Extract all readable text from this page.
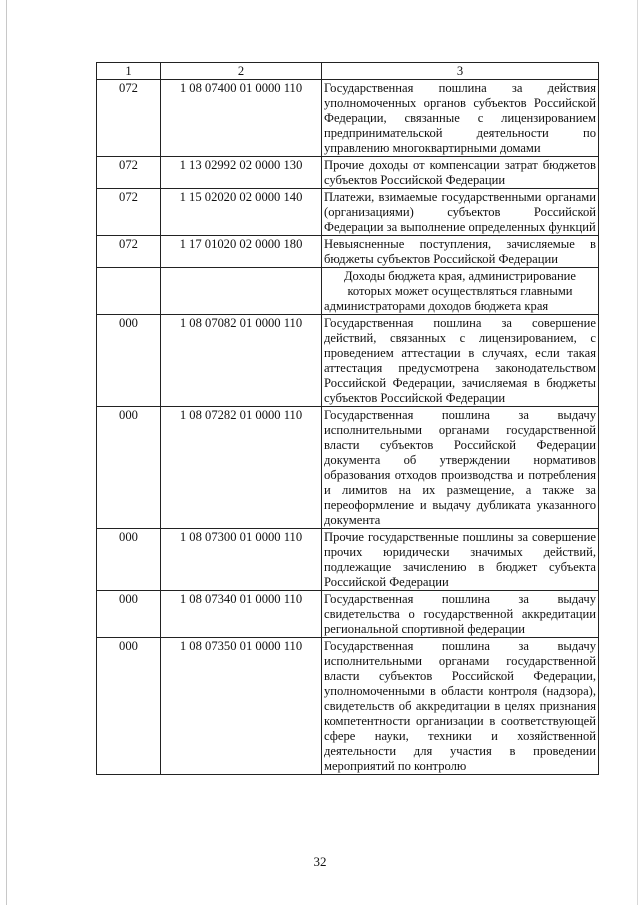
1	2	3
072	1 08 07400 01 0000 110	Государственная пошлина за действия уполномоченных органов субъектов Российской Федерации, связанные с лицензированием предпринимательской деятельности по управлению многоквартирными домами
072	1 13 02992 02 0000 130	Прочие доходы от компенсации затрат бюджетов субъектов Российской Федерации
072	1 15 02020 02 0000 140	Платежи, взимаемые государственными органами (организациями) субъектов Российской Федерации за выполнение определенных функций
072	1 17 01020 02 0000 180	Невыясненные поступления, зачисляемые в бюджеты субъектов Российской Федерации
		Доходы бюджета края, администрирование которых может осуществляться главными администраторами доходов бюджета края
000	1 08 07082 01 0000 110	Государственная пошлина за совершение действий, связанных с лицензированием, с проведением аттестации в случаях, если такая аттестация предусмотрена законодательством Российской Федерации, зачисляемая в бюджеты субъектов Российской Федерации
000	1 08 07282 01 0000 110	Государственная пошлина за выдачу исполнительными органами государственной власти субъектов Российской Федерации документа об утверждении нормативов образования отходов производства и потребления и лимитов на их размещение, а также за переоформление и выдачу дубликата указанного документа
000	1 08 07300 01 0000 110	Прочие государственные пошлины за совершение прочих юридически значимых действий, подлежащие зачислению в бюджет субъекта Российской Федерации
000	1 08 07340 01 0000 110	Государственная пошлина за выдачу свидетельства о государственной аккредитации региональной спортивной федерации
000	1 08 07350 01 0000 110	Государственная пошлина за выдачу исполнительными органами государственной власти субъектов Российской Федерации, уполномоченными в области контроля (надзора), свидетельств об аккредитации в целях признания компетентности организации в соответствующей сфере науки, техники и хозяйственной деятельности для участия в проведении мероприятий по контролю
32
